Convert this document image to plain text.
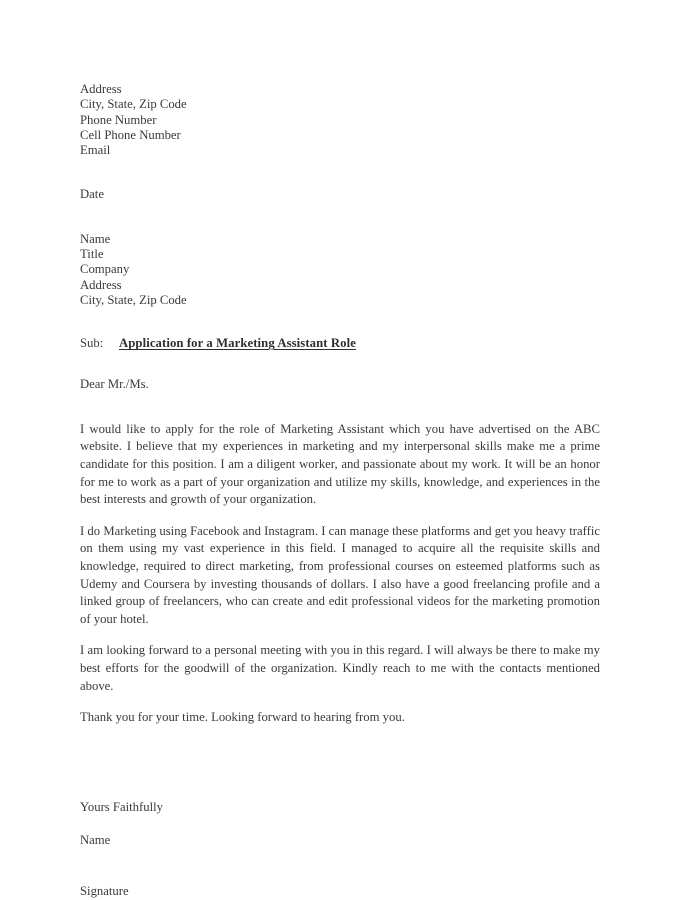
Address
City, State, Zip Code
Phone Number
Cell Phone Number
Email
Date
Name
Title
Company
Address
City, State, Zip Code
Sub:	Application for a Marketing Assistant Role
Dear Mr./Ms.

I would like to apply for the role of Marketing Assistant which you have advertised on the ABC website. I believe that my experiences in marketing and my interpersonal skills make me a prime candidate for this position. I am a diligent worker, and passionate about my work. It will be an honor for me to work as a part of your organization and utilize my skills, knowledge, and experiences in the best interests and growth of your organization.

I do Marketing using Facebook and Instagram. I can manage these platforms and get you heavy traffic on them using my vast experience in this field. I managed to acquire all the requisite skills and knowledge, required to direct marketing, from professional courses on esteemed platforms such as Udemy and Coursera by investing thousands of dollars. I also have a good freelancing profile and a linked group of freelancers, who can create and edit professional videos for the marketing promotion of your hotel.

I am looking forward to a personal meeting with you in this regard. I will always be there to make my best efforts for the goodwill of the organization. Kindly reach to me with the contacts mentioned above.

Thank you for your time. Looking forward to hearing from you.

Yours Faithfully
Name
Signature
